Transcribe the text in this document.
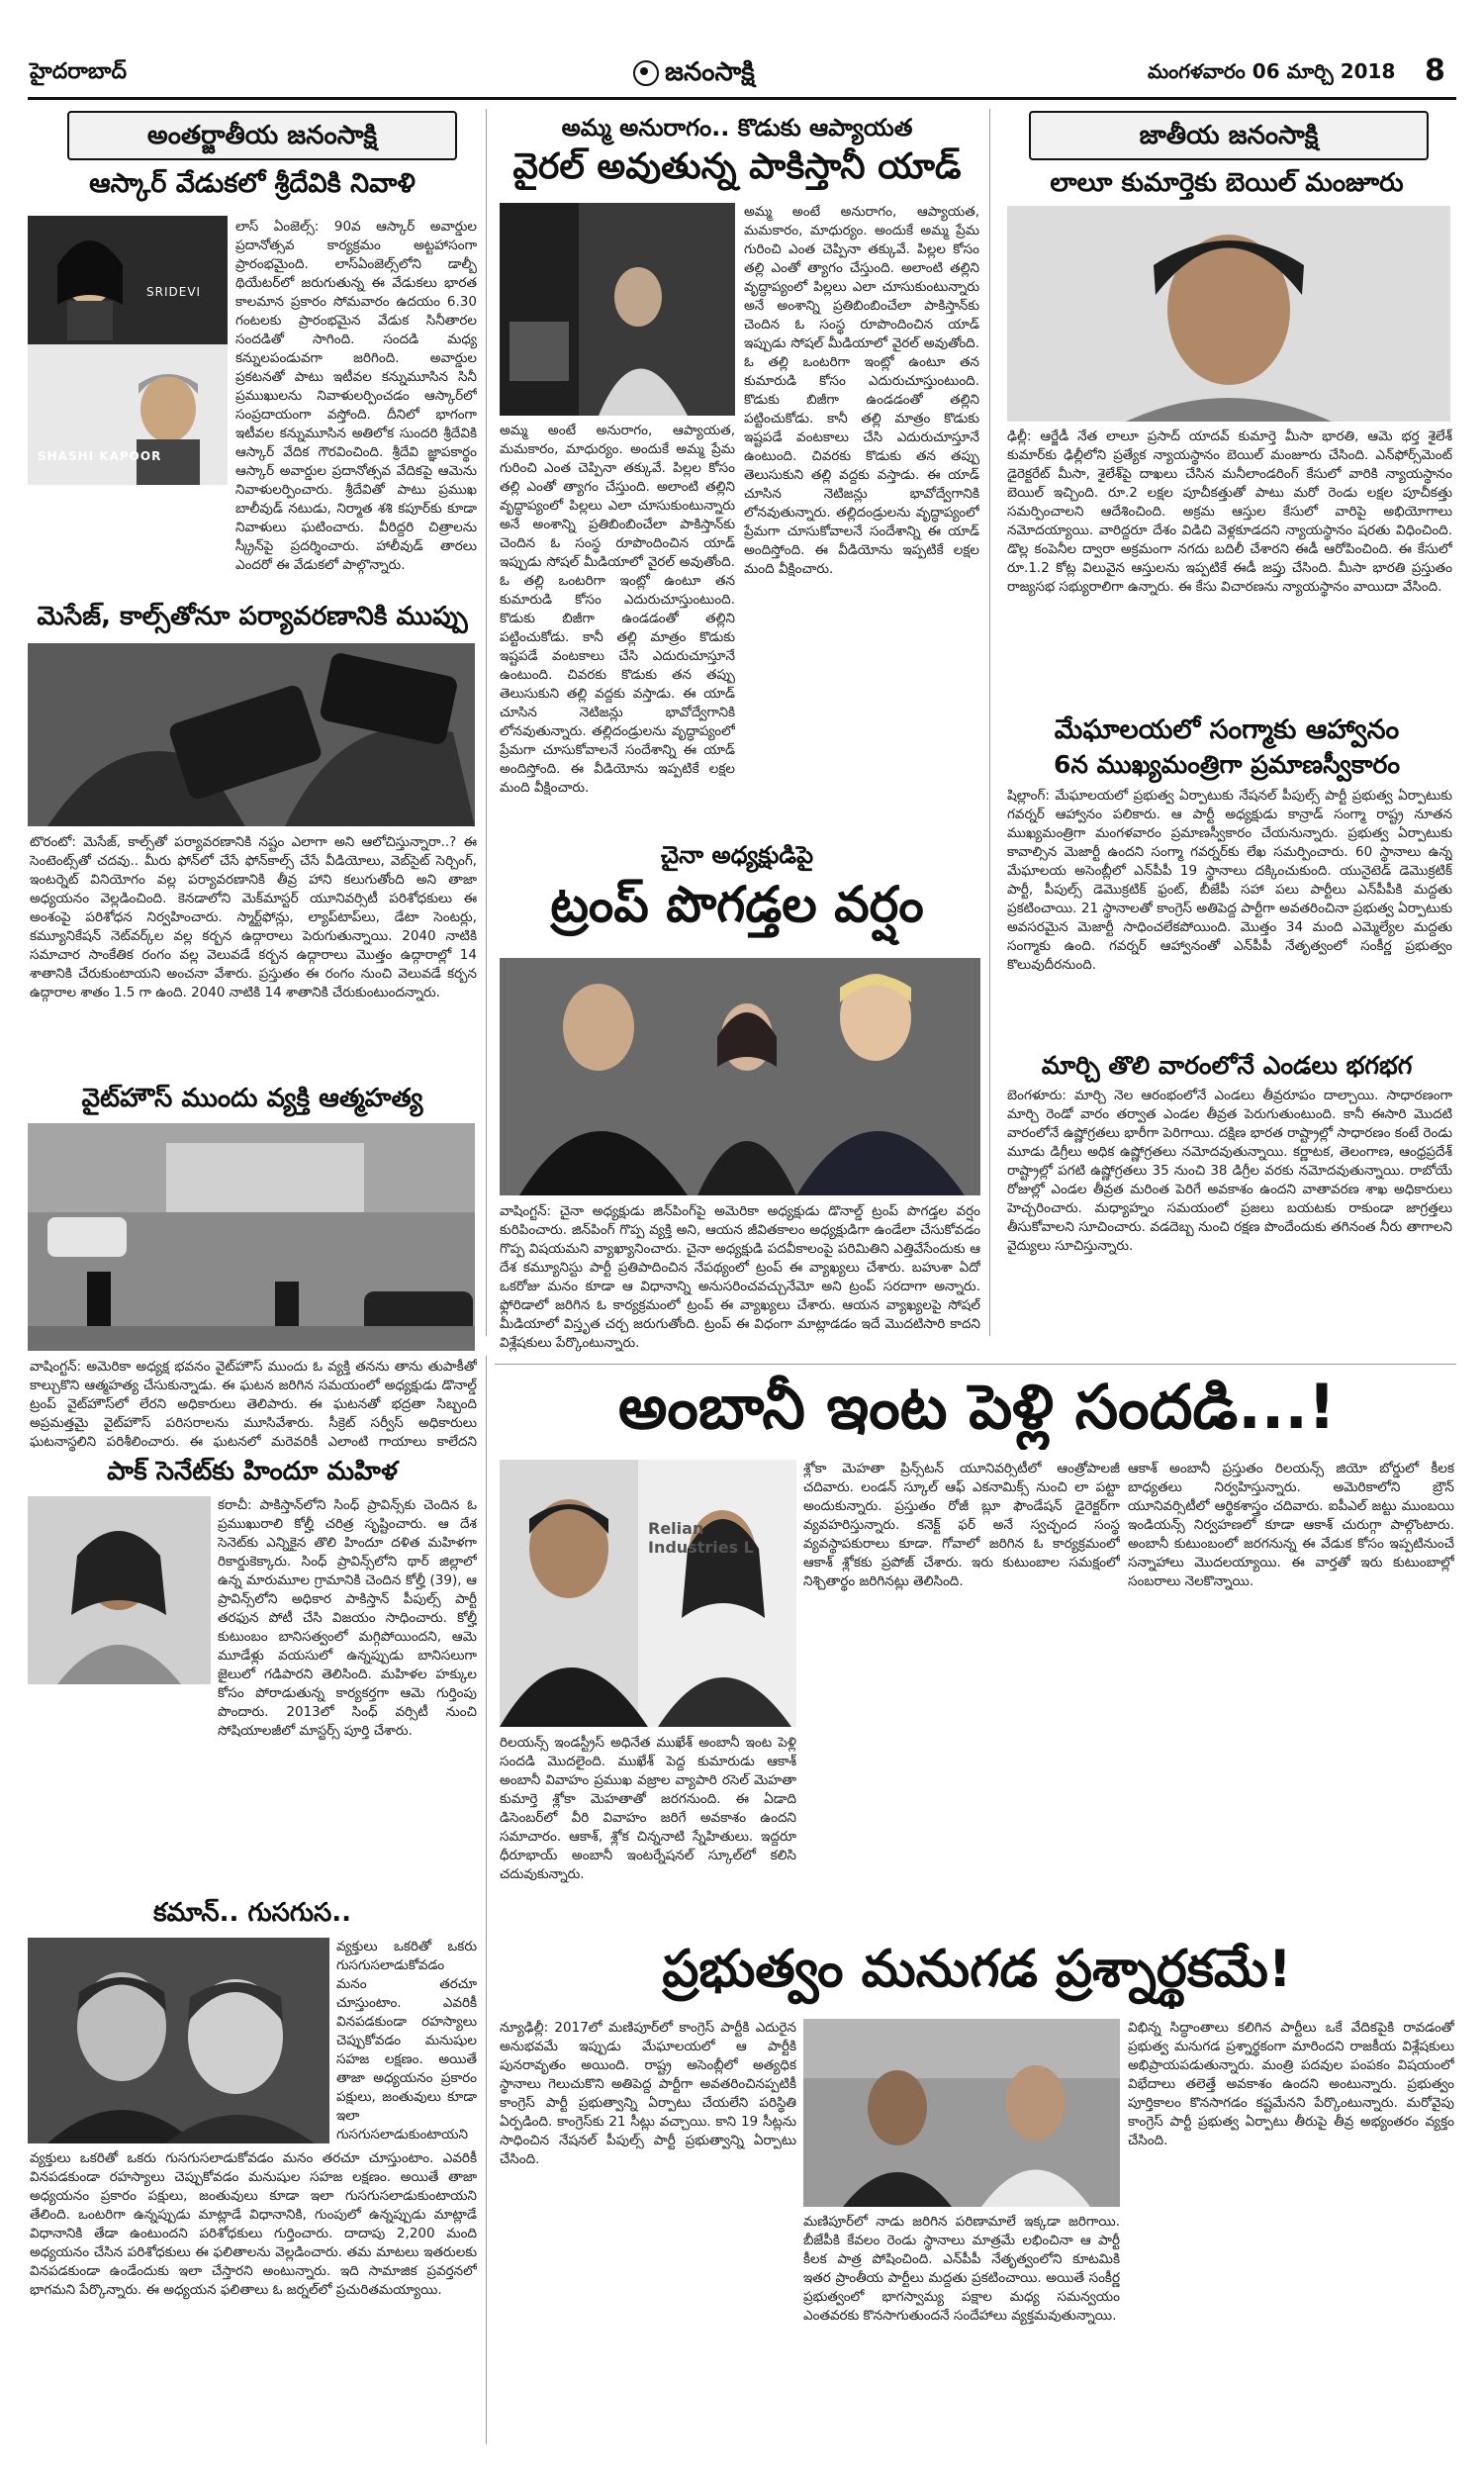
హైదరాబాద్	జనంసాక్షి	మంగళవారం 06 మార్చి 2018 8
అంతర్జాతీయ జనంసాక్షి
ఆస్కార్ వేడుకలో శ్రీదేవికి నివాళి
SRIDEVI
SHASHI KAPOOR
లాస్ ఏంజెల్స్: 90వ ఆస్కార్ అవార్డుల ప్రదానోత్సవ కార్యక్రమం అట్టహాసంగా ప్రారంభమైంది. లాస్‌ఏంజెల్స్‌లోని డాల్బీ థియేటర్‌లో జరుగుతున్న ఈ వేడుకలు భారత కాలమాన ప్రకారం సోమవారం ఉదయం 6.30 గంటలకు ప్రారంభమైన వేడుక సినీతారల సందడితో సాగింది. సందడి మధ్య కన్నులపండువగా జరిగింది. అవార్డుల ప్రకటనతో పాటు ఇటీవల కన్నుమూసిన సినీ ప్రముఖులను నివాళులర్పించడం ఆస్కార్‌లో సంప్రదాయంగా వస్తోంది. దీనిలో భాగంగా ఇటీవల కన్నుమూసిన అతిలోక సుందరి శ్రీదేవికి ఆస్కార్ వేదిక గౌరవించింది. శ్రీదేవి జ్ఞాపకార్థం ఆస్కార్ అవార్డుల ప్రదానోత్సవ వేదికపై ఆమెను నివాళులర్పించారు. శ్రీదేవితో పాటు ప్రముఖ బాలీవుడ్ నటుడు, నిర్మాత శశి కపూర్‌కు కూడా నివాళులు ఘటించారు. వీరిద్దరి చిత్రాలను స్క్రీన్‌పై ప్రదర్శించారు. హాలీవుడ్ తారలు ఎందరో ఈ వేడుకలో పాల్గొన్నారు.
మెసేజ్, కాల్స్‌తోనూ పర్యావరణానికి ముప్పు
టొరంటో: మెసేజ్, కాల్స్‌తో పర్యావరణానికి నష్టం ఎలాగా అని ఆలోచిస్తున్నారా..? ఈ సెంటెంట్స్‌తో చదవు.. మీరు ఫోన్‌లో చేసే ఫోన్‌కాల్స్ చేసే వీడియోలు, వెబ్‌సైట్ సెర్చింగ్, ఇంటర్నెట్ వినియోగం వల్ల పర్యావరణానికి తీవ్ర హాని కలుగుతోంది అని తాజా అధ్యయనం వెల్లడించింది. కెనడాలోని మెక్‌మాస్టర్ యూనివర్సిటీ పరిశోధకులు ఈ అంశంపై పరిశోధన నిర్వహించారు. స్మార్ట్‌ఫోన్లు, ల్యాప్‌టాప్‌లు, డేటా సెంటర్లు, కమ్యూనికేషన్ నెట్‌వర్క్‌ల వల్ల కర్బన ఉద్గారాలు పెరుగుతున్నాయి. 2040 నాటికి సమాచార సాంకేతిక రంగం వల్ల వెలువడే కర్బన ఉద్గారాలు మొత్తం ఉద్గారాల్లో 14 శాతానికి చేరుకుంటాయని అంచనా వేశారు. ప్రస్తుతం ఈ రంగం నుంచి వెలువడే కర్బన ఉద్గారాల శాతం 1.5 గా ఉంది. 2040 నాటికి 14 శాతానికి చేరుకుంటుందన్నారు.
వైట్‌హౌస్ ముందు వ్యక్తి ఆత్మహత్య
వాషింగ్టన్: అమెరికా అధ్యక్ష భవనం వైట్‌హౌస్ ముందు ఓ వ్యక్తి తనను తాను తుపాకీతో కాల్చుకొని ఆత్మహత్య చేసుకున్నాడు. ఈ ఘటన జరిగిన సమయంలో అధ్యక్షుడు డొనాల్డ్ ట్రంప్ వైట్‌హౌస్‌లో లేరని అధికారులు తెలిపారు. ఈ ఘటనతో భద్రతా సిబ్బంది అప్రమత్తమై వైట్‌హౌస్ పరిసరాలను మూసివేశారు. సీక్రెట్ సర్వీస్ అధికారులు ఘటనాస్థలిని పరిశీలించారు. ఈ ఘటనలో మరెవరికీ ఎలాంటి గాయాలు కాలేదని
పాక్ సెనేట్‌కు హిందూ మహిళ
కరాచీ: పాకిస్తాన్‌లోని సింధ్ ప్రావిన్స్‌కు చెందిన ఓ ప్రముఖురాలి కోల్హీ చరిత్ర సృష్టించారు. ఆ దేశ సెనెట్‌కు ఎన్నికైన తొలి హిందూ దళిత మహిళగా రికార్డుకెక్కారు. సింధ్ ప్రావిన్స్‌లోని థార్ జిల్లాలో ఉన్న మారుమూల గ్రామానికి చెందిన కోల్హీ (39), ఆ ప్రావిన్స్‌లోని అధికార పాకిస్తాన్ పీపుల్స్ పార్టీ తరఫున పోటీ చేసి విజయం సాధించారు. కోల్హీ కుటుంబం బానిసత్వంలో మగ్గిపోయిందని, ఆమె మూడేళ్లు వయసులో ఉన్నప్పుడు బానిసలుగా జైలులో గడిపారని తెలిసింది. మహిళల హక్కుల కోసం పోరాడుతున్న కార్యకర్తగా ఆమె గుర్తింపు పొందారు. 2013లో సింధ్ వర్సిటీ నుంచి సోషియాలజీలో మాస్టర్స్ పూర్తి చేశారు.
కమాన్.. గుసగుస..
వ్యక్తులు ఒకరితో ఒకరు గుసగుసలాడుకోవడం మనం తరచూ చూస్తుంటాం. ఎవరికీ వినపడకుండా రహస్యాలు చెప్పుకోవడం మనుషుల సహజ లక్షణం. అయితే తాజా అధ్యయనం ప్రకారం పక్షులు, జంతువులు కూడా ఇలా గుసగుసలాడుకుంటాయని
వ్యక్తులు ఒకరితో ఒకరు గుసగుసలాడుకోవడం మనం తరచూ చూస్తుంటాం. ఎవరికీ వినపడకుండా రహస్యాలు చెప్పుకోవడం మనుషుల సహజ లక్షణం. అయితే తాజా అధ్యయనం ప్రకారం పక్షులు, జంతువులు కూడా ఇలా గుసగుసలాడుకుంటాయని తేలింది. ఒంటరిగా ఉన్నప్పుడు మాట్లాడే విధానానికి, గుంపులో ఉన్నప్పుడు మాట్లాడే విధానానికి తేడా ఉంటుందని పరిశోధకులు గుర్తించారు. దాదాపు 2,200 మంది అధ్యయనం చేసిన పరిశోధకులు ఈ ఫలితాలను వెల్లడించారు. తమ మాటలు ఇతరులకు వినపడకుండా ఉండేందుకు ఇలా చేస్తారని అంటున్నారు. ఇది సామాజిక ప్రవర్తనలో భాగమని పేర్కొన్నారు. ఈ అధ్యయన ఫలితాలు ఓ జర్నల్‌లో ప్రచురితమయ్యాయి.
అమ్మ అనురాగం.. కొడుకు ఆప్యాయత
వైరల్ అవుతున్న పాకిస్తానీ యాడ్
అమ్మ అంటే అనురాగం, ఆప్యాయత, మమకారం, మాధుర్యం. అందుకే అమ్మ ప్రేమ గురించి ఎంత చెప్పినా తక్కువే. పిల్లల కోసం తల్లి ఎంతో త్యాగం చేస్తుంది. అలాంటి తల్లిని వృద్ధాప్యంలో పిల్లలు ఎలా చూసుకుంటున్నారు అనే అంశాన్ని ప్రతిబింబించేలా పాకిస్తాన్‌కు చెందిన ఓ సంస్థ రూపొందించిన యాడ్ ఇప్పుడు సోషల్ మీడియాలో వైరల్ అవుతోంది. ఓ తల్లి ఒంటరిగా ఇంట్లో ఉంటూ తన కుమారుడి కోసం ఎదురుచూస్తుంటుంది. కొడుకు బిజీగా ఉండడంతో తల్లిని పట్టించుకోడు. కానీ తల్లి మాత్రం కొడుకు ఇష్టపడే వంటకాలు చేసి ఎదురుచూస్తూనే ఉంటుంది. చివరకు కొడుకు తన తప్పు తెలుసుకుని తల్లి వద్దకు వస్తాడు. ఈ యాడ్ చూసిన నెటిజన్లు భావోద్వేగానికి లోనవుతున్నారు. తల్లిదండ్రులను వృద్ధాప్యంలో ప్రేమగా చూసుకోవాలనే సందేశాన్ని ఈ యాడ్ అందిస్తోంది. ఈ వీడియోను ఇప్పటికే లక్షల మంది వీక్షించారు.
అమ్మ అంటే అనురాగం, ఆప్యాయత, మమకారం, మాధుర్యం. అందుకే అమ్మ ప్రేమ గురించి ఎంత చెప్పినా తక్కువే. పిల్లల కోసం తల్లి ఎంతో త్యాగం చేస్తుంది. అలాంటి తల్లిని వృద్ధాప్యంలో పిల్లలు ఎలా చూసుకుంటున్నారు అనే అంశాన్ని ప్రతిబింబించేలా పాకిస్తాన్‌కు చెందిన ఓ సంస్థ రూపొందించిన యాడ్ ఇప్పుడు సోషల్ మీడియాలో వైరల్ అవుతోంది. ఓ తల్లి ఒంటరిగా ఇంట్లో ఉంటూ తన కుమారుడి కోసం ఎదురుచూస్తుంటుంది. కొడుకు బిజీగా ఉండడంతో తల్లిని పట్టించుకోడు. కానీ తల్లి మాత్రం కొడుకు ఇష్టపడే వంటకాలు చేసి ఎదురుచూస్తూనే ఉంటుంది. చివరకు కొడుకు తన తప్పు తెలుసుకుని తల్లి వద్దకు వస్తాడు. ఈ యాడ్ చూసిన నెటిజన్లు భావోద్వేగానికి లోనవుతున్నారు. తల్లిదండ్రులను వృద్ధాప్యంలో ప్రేమగా చూసుకోవాలనే సందేశాన్ని ఈ యాడ్ అందిస్తోంది. ఈ వీడియోను ఇప్పటికే లక్షల మంది వీక్షించారు.
చైనా అధ్యక్షుడిపై
ట్రంప్ పొగడ్తల వర్షం
వాషింగ్టన్: చైనా అధ్యక్షుడు జిన్‌పింగ్‌పై అమెరికా అధ్యక్షుడు డొనాల్డ్ ట్రంప్ పొగడ్తల వర్షం కురిపించారు. జిన్‌పింగ్ గొప్ప వ్యక్తి అని, ఆయన జీవితకాలం అధ్యక్షుడిగా ఉండేలా చేసుకోవడం గొప్ప విషయమని వ్యాఖ్యానించారు. చైనా అధ్యక్షుడి పదవీకాలంపై పరిమితిని ఎత్తివేసేందుకు ఆ దేశ కమ్యూనిస్టు పార్టీ ప్రతిపాదించిన నేపథ్యంలో ట్రంప్ ఈ వ్యాఖ్యలు చేశారు. బహుశా ఏదో ఒకరోజు మనం కూడా ఆ విధానాన్ని అనుసరించవచ్చునేమో అని ట్రంప్ సరదాగా అన్నారు. ఫ్లోరిడాలో జరిగిన ఓ కార్యక్రమంలో ట్రంప్ ఈ వ్యాఖ్యలు చేశారు. ఆయన వ్యాఖ్యలపై సోషల్ మీడియాలో విస్తృత చర్చ జరుగుతోంది. ట్రంప్ ఈ విధంగా మాట్లాడడం ఇదే మొదటిసారి కాదని విశ్లేషకులు పేర్కొంటున్నారు.
జాతీయ జనంసాక్షి
లాలూ కుమార్తెకు బెయిల్ మంజూరు
ఢిల్లీ: ఆర్జేడీ నేత లాలూ ప్రసాద్ యాదవ్ కుమార్తె మీసా భారతి, ఆమె భర్త శైలేశ్ కుమార్‌కు ఢిల్లీలోని ప్రత్యేక న్యాయస్థానం బెయిల్ మంజూరు చేసింది. ఎన్‌ఫోర్స్‌మెంట్ డైరెక్టరేట్ మీసా, శైలేశ్‌పై దాఖలు చేసిన మనీలాండరింగ్ కేసులో వారికి న్యాయస్థానం బెయిల్ ఇచ్చింది. రూ.2 లక్షల పూచీకత్తుతో పాటు మరో రెండు లక్షల పూచీకత్తు సమర్పించాలని ఆదేశించింది. అక్రమ ఆస్తుల కేసులో వారిపై అభియోగాలు నమోదయ్యాయి. వారిద్దరూ దేశం విడిచి వెళ్లకూడదని న్యాయస్థానం షరతు విధించింది. డొల్ల కంపెనీల ద్వారా అక్రమంగా నగదు బదిలీ చేశారని ఈడీ ఆరోపించింది. ఈ కేసులో రూ.1.2 కోట్ల విలువైన ఆస్తులను ఇప్పటికే ఈడీ జప్తు చేసింది. మీసా భారతి ప్రస్తుతం రాజ్యసభ సభ్యురాలిగా ఉన్నారు. ఈ కేసు విచారణను న్యాయస్థానం వాయిదా వేసింది.
మేఘాలయలో సంగ్మాకు ఆహ్వానం
6న ముఖ్యమంత్రిగా ప్రమాణస్వీకారం
షిల్లాంగ్: మేఘాలయలో ప్రభుత్వ ఏర్పాటుకు నేషనల్ పీపుల్స్ పార్టీ ప్రభుత్వ ఏర్పాటుకు గవర్నర్ ఆహ్వానం పలికారు. ఆ పార్టీ అధ్యక్షుడు కాన్రాడ్ సంగ్మా రాష్ట్ర నూతన ముఖ్యమంత్రిగా మంగళవారం ప్రమాణస్వీకారం చేయనున్నారు. ప్రభుత్వ ఏర్పాటుకు కావాల్సిన మెజార్టీ ఉందని సంగ్మా గవర్నర్‌కు లేఖ సమర్పించారు. 60 స్థానాలు ఉన్న మేఘాలయ అసెంబ్లీలో ఎన్‌పీపీ 19 స్థానాలు దక్కించుకుంది. యునైటెడ్ డెమొక్రటిక్ పార్టీ, పీపుల్స్ డెమొక్రటిక్ ఫ్రంట్, బీజేపీ సహా పలు పార్టీలు ఎన్‌పీపీకి మద్దతు ప్రకటించాయి. 21 స్థానాలతో కాంగ్రెస్ అతిపెద్ద పార్టీగా అవతరించినా ప్రభుత్వ ఏర్పాటుకు అవసరమైన మెజార్టీ సాధించలేకపోయింది. మొత్తం 34 మంది ఎమ్మెల్యేల మద్దతు సంగ్మాకు ఉంది. గవర్నర్ ఆహ్వానంతో ఎన్‌పీపీ నేతృత్వంలో సంకీర్ణ ప్రభుత్వం కొలువుదీరనుంది.
మార్చి తొలి వారంలోనే ఎండలు భగభగ
బెంగళూరు: మార్చి నెల ఆరంభంలోనే ఎండలు తీవ్రరూపం దాల్చాయి. సాధారణంగా మార్చి రెండో వారం తర్వాత ఎండల తీవ్రత పెరుగుతుంటుంది. కానీ ఈసారి మొదటి వారంలోనే ఉష్ణోగ్రతలు భారీగా పెరిగాయి. దక్షిణ భారత రాష్ట్రాల్లో సాధారణం కంటే రెండు మూడు డిగ్రీలు అధిక ఉష్ణోగ్రతలు నమోదవుతున్నాయి. కర్ణాటక, తెలంగాణ, ఆంధ్రప్రదేశ్ రాష్ట్రాల్లో పగటి ఉష్ణోగ్రతలు 35 నుంచి 38 డిగ్రీల వరకు నమోదవుతున్నాయి. రాబోయే రోజుల్లో ఎండల తీవ్రత మరింత పెరిగే అవకాశం ఉందని వాతావరణ శాఖ అధికారులు హెచ్చరించారు. మధ్యాహ్నం సమయంలో ప్రజలు బయటకు రాకుండా జాగ్రత్తలు తీసుకోవాలని సూచించారు. వడదెబ్బ నుంచి రక్షణ పొందేందుకు తగినంత నీరు తాగాలని వైద్యులు సూచిస్తున్నారు.
అంబానీ ఇంట పెళ్లి సందడి...!
Relian Industries L
రిలయన్స్ ఇండస్ట్రీస్ అధినేత ముఖేశ్ అంబానీ ఇంట పెళ్లి సందడి మొదలైంది. ముఖేశ్ పెద్ద కుమారుడు ఆకాశ్ అంబానీ వివాహం ప్రముఖ వజ్రాల వ్యాపారి రసెల్ మెహతా కుమార్తె శ్లోకా మెహతాతో జరగనుంది. ఈ ఏడాది డిసెంబర్‌లో వీరి వివాహం జరిగే అవకాశం ఉందని సమాచారం. ఆకాశ్, శ్లోక చిన్ననాటి స్నేహితులు. ఇద్దరూ ధీరూభాయ్ అంబానీ ఇంటర్నేషనల్ స్కూల్‌లో కలిసి చదువుకున్నారు.
శ్లోకా మెహతా ప్రిన్స్‌టన్ యూనివర్సిటీలో ఆంత్రోపాలజీ చదివారు. లండన్ స్కూల్ ఆఫ్ ఎకనామిక్స్ నుంచి లా పట్టా అందుకున్నారు. ప్రస్తుతం రోజీ బ్లూ ఫౌండేషన్ డైరెక్టర్‌గా వ్యవహరిస్తున్నారు. కనెక్ట్ ఫర్ అనే స్వచ్ఛంద సంస్థ వ్యవస్థాపకురాలు కూడా. గోవాలో జరిగిన ఓ కార్యక్రమంలో ఆకాశ్ శ్లోకకు ప్రపోజ్ చేశారు. ఇరు కుటుంబాల సమక్షంలో నిశ్చితార్థం జరిగినట్లు తెలిసింది.
ఆకాశ్ అంబానీ ప్రస్తుతం రిలయన్స్ జియో బోర్డులో కీలక బాధ్యతలు నిర్వహిస్తున్నారు. అమెరికాలోని బ్రౌన్ యూనివర్సిటీలో ఆర్థికశాస్త్రం చదివారు. ఐపీఎల్ జట్టు ముంబయి ఇండియన్స్ నిర్వహణలో కూడా ఆకాశ్ చురుగ్గా పాల్గొంటారు. అంబానీ కుటుంబంలో జరగనున్న ఈ వేడుక కోసం ఇప్పటినుంచే సన్నాహాలు మొదలయ్యాయి. ఈ వార్తతో ఇరు కుటుంబాల్లో సంబరాలు నెలకొన్నాయి.
ప్రభుత్వం మనుగడ ప్రశ్నార్థకమే!
న్యూఢిల్లీ: 2017లో మణిపూర్‌లో కాంగ్రెస్ పార్టీకి ఎదురైన అనుభవమే ఇప్పుడు మేఘాలయలో ఆ పార్టీకి పునరావృతం అయింది. రాష్ట్ర అసెంబ్లీలో అత్యధిక స్థానాలు గెలుచుకొని అతిపెద్ద పార్టీగా అవతరించినప్పటికీ కాంగ్రెస్ పార్టీ ప్రభుత్వాన్ని ఏర్పాటు చేయలేని పరిస్థితి ఏర్పడింది. కాంగ్రెస్‌కు 21 సీట్లు వచ్చాయి. కాని 19 సీట్లను సాధించిన నేషనల్ పీపుల్స్ పార్టీ ప్రభుత్వాన్ని ఏర్పాటు చేసింది.
మణిపూర్‌లో నాడు జరిగిన పరిణామాలే ఇక్కడా జరిగాయి. బీజేపీకి కేవలం రెండు స్థానాలు మాత్రమే లభించినా ఆ పార్టీ కీలక పాత్ర పోషించింది. ఎన్‌పీపీ నేతృత్వంలోని కూటమికి ఇతర ప్రాంతీయ పార్టీలు మద్దతు ప్రకటించాయి. అయితే సంకీర్ణ ప్రభుత్వంలో భాగస్వామ్య పక్షాల మధ్య సమన్వయం ఎంతవరకు కొనసాగుతుందనే సందేహాలు వ్యక్తమవుతున్నాయి.
విభిన్న సిద్ధాంతాలు కలిగిన పార్టీలు ఒకే వేదికపైకి రావడంతో ప్రభుత్వ మనుగడ ప్రశ్నార్థకంగా మారిందని రాజకీయ విశ్లేషకులు అభిప్రాయపడుతున్నారు. మంత్రి పదవుల పంపకం విషయంలో విభేదాలు తలెత్తే అవకాశం ఉందని అంటున్నారు. ప్రభుత్వం పూర్తికాలం కొనసాగడం కష్టమేనని పేర్కొంటున్నారు. మరోవైపు కాంగ్రెస్ పార్టీ ప్రభుత్వ ఏర్పాటు తీరుపై తీవ్ర అభ్యంతరం వ్యక్తం చేసింది.
